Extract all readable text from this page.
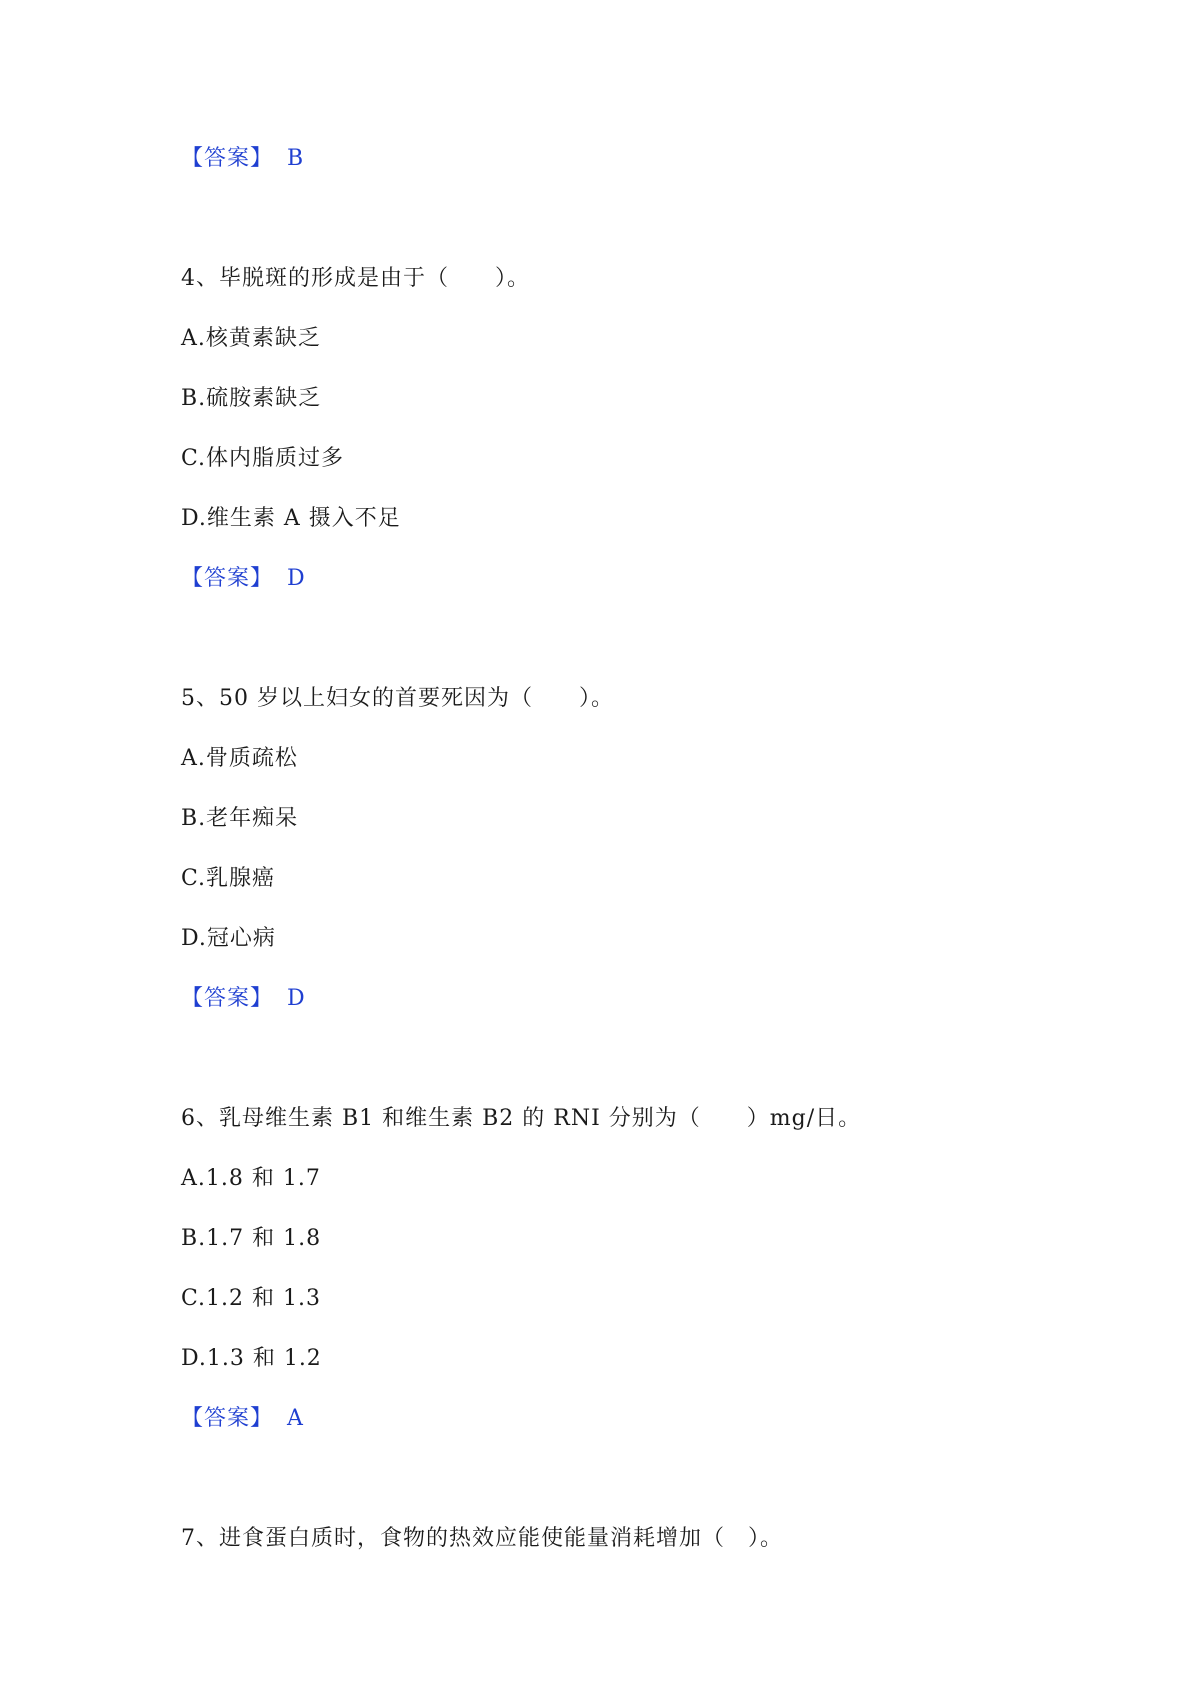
【答案】 B
4、毕脱斑的形成是由于（　　）。
A.核黄素缺乏
B.硫胺素缺乏
C.体内脂质过多
D.维生素 A 摄入不足
【答案】 D
5、50 岁以上妇女的首要死因为（　　）。
A.骨质疏松
B.老年痴呆
C.乳腺癌
D.冠心病
【答案】 D
6、乳母维生素 B1 和维生素 B2 的 RNI 分别为（　　）mg/日。
A.1.8 和 1.7
B.1.7 和 1.8
C.1.2 和 1.3
D.1.3 和 1.2
【答案】 A
7、进食蛋白质时，食物的热效应能使能量消耗增加（　）。
